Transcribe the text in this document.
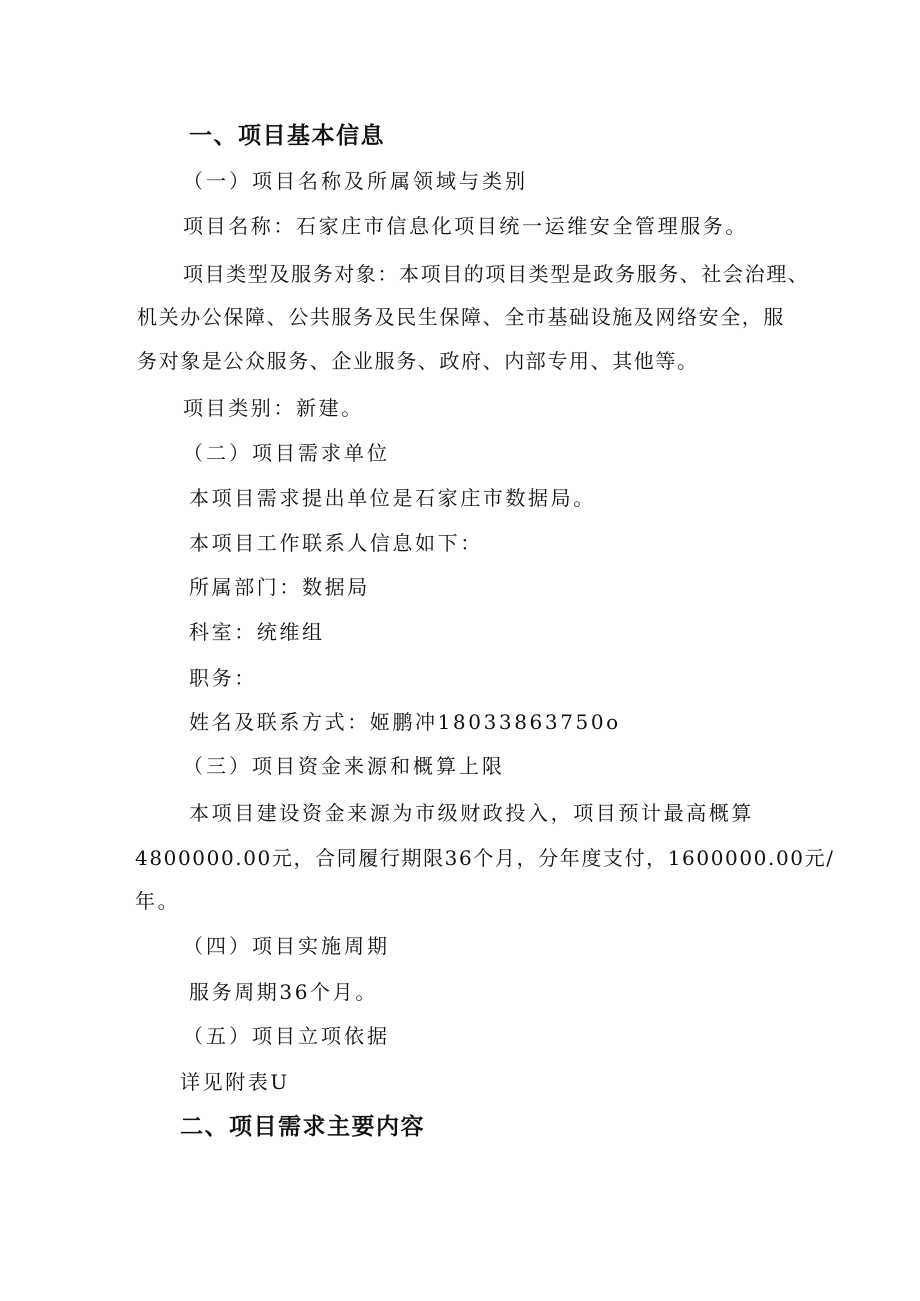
一、项目基本信息
（一）项目名称及所属领域与类别
项目名称：石家庄市信息化项目统一运维安全管理服务。
项目类型及服务对象：本项目的项目类型是政务服务、社会治理、
机关办公保障、公共服务及民生保障、全市基础设施及网络安全，服
务对象是公众服务、企业服务、政府、内部专用、其他等。
项目类别：新建。
（二）项目需求单位
本项目需求提出单位是石家庄市数据局。
本项目工作联系人信息如下：
所属部门：数据局
科室：统维组
职务：
姓名及联系方式：姬鹏冲18033863750o
（三）项目资金来源和概算上限
本项目建设资金来源为市级财政投入，项目预计最高概算
4800000.00元，合同履行期限36个月，分年度支付，1600000.00元/
年。
（四）项目实施周期
服务周期36个月。
（五）项目立项依据
详见附表U
二、项目需求主要内容
